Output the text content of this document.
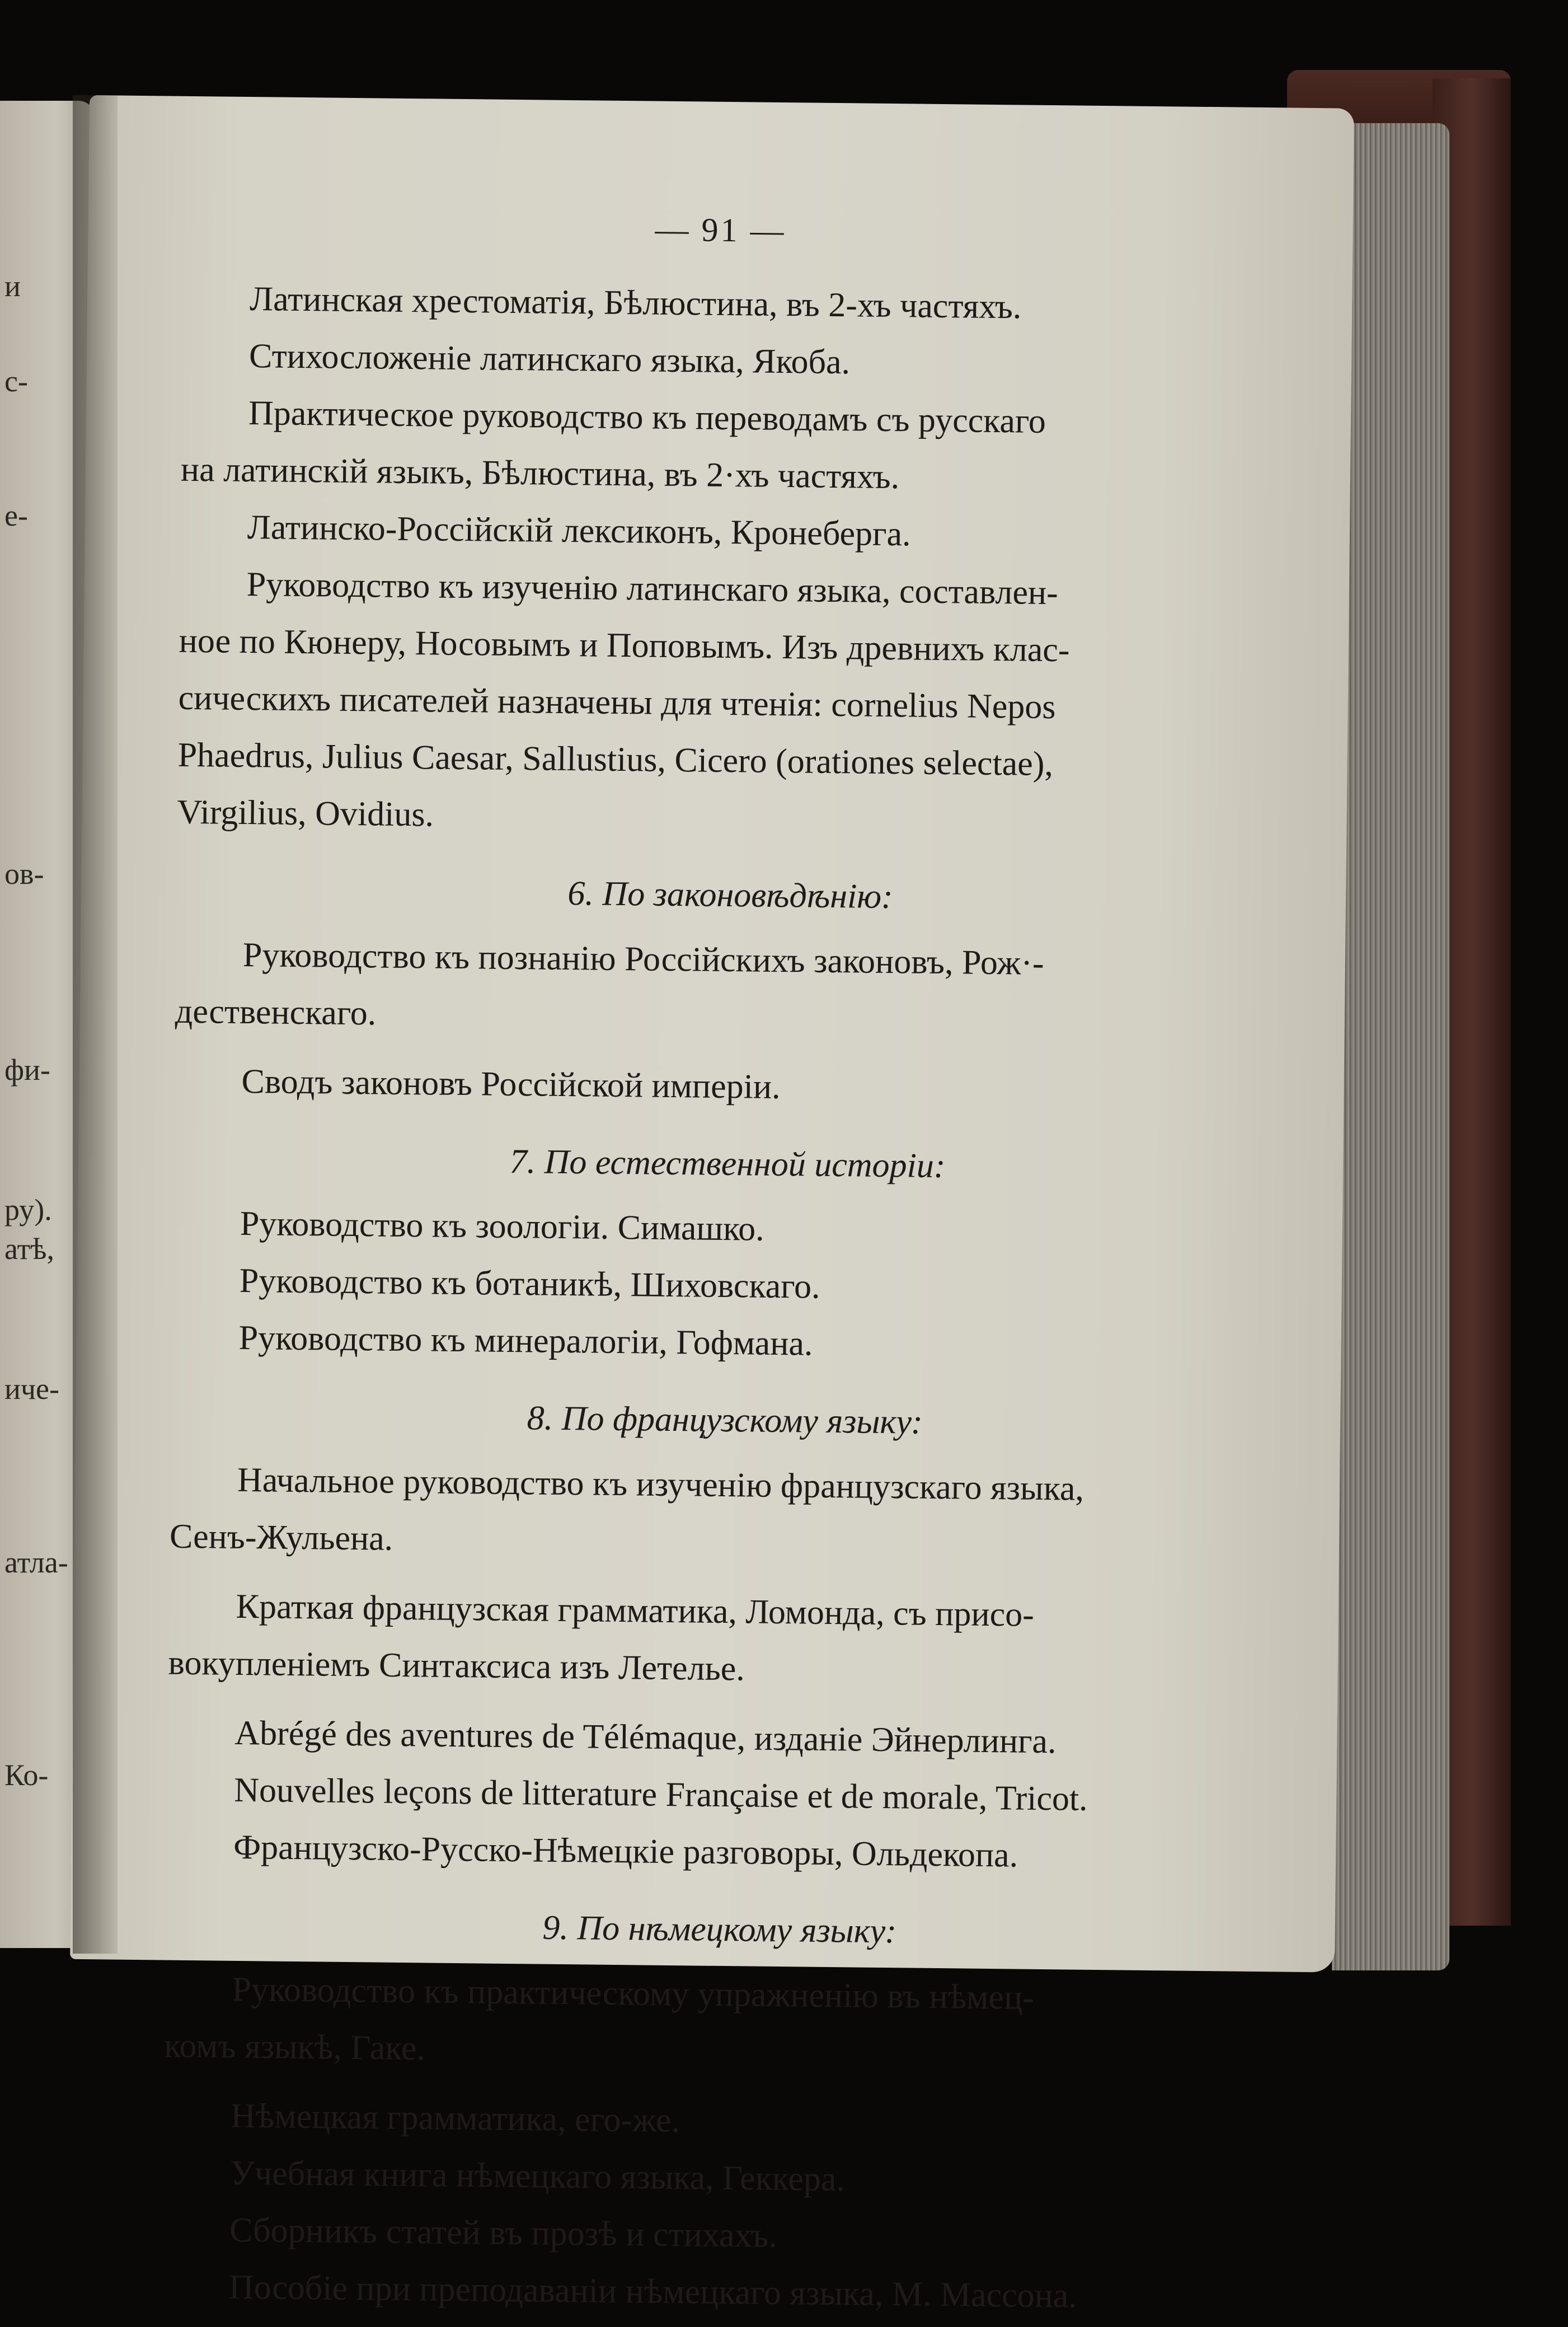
и
с-
е-
ов-
фи-
ру).
атѣ,
иче-
атла-
Ко-
— 91 —
Латинская хрестоматія, Бѣлюстина, въ 2-хъ частяхъ.
Стихосложеніе латинскаго языка, Якоба.
Практическое руководство къ переводамъ съ русскаго
на латинскій языкъ, Бѣлюстина, въ 2·хъ частяхъ.
Латинско-Россійскій лексиконъ, Кронеберга.
Руководство къ изученію латинскаго языка, составлен-
ное по Кюнеру, Носовымъ и Поповымъ. Изъ древнихъ клас-
сическихъ писателей назначены для чтенія: cornelius Nepos
Phaedrus, Julius Caesar, Sallustius, Cicero (orationes selectae),
Virgilius, Ovidius.
6. По законовѣдѣнію:
Руководство къ познанію Россійскихъ законовъ, Рож·-
дественскаго.
Сводъ законовъ Россійской имперіи.
7. По естественной исторіи:
Руководство къ зоологіи. Симашко.
Руководство къ ботаникѣ, Шиховскаго.
Руководство къ минералогіи, Гофмана.
8. По французскому языку:
Начальное руководство къ изученію французскаго языка,
Сенъ-Жульена.
Краткая французская грамматика, Ломонда, съ присо-
вокупленіемъ Синтаксиса изъ Летелье.
Abrégé des aventures de Télémaque, изданіе Эйнерлинга.
Nouvelles leçons de litterature Française et de morale, Tricot.
Французско-Русско-Нѣмецкіе разговоры, Ольдекопа.
9. По нѣмецкому языку:
Руководство къ практическому упражненію въ нѣмец-
комъ языкѣ, Гаке.
Нѣмецкая грамматика, его-же.
Учебная книга нѣмецкаго языка, Геккера.
Сборникъ статей въ прозѣ и стихахъ.
Пособіе при преподаваніи нѣмецкаго языка, М. Массона.
